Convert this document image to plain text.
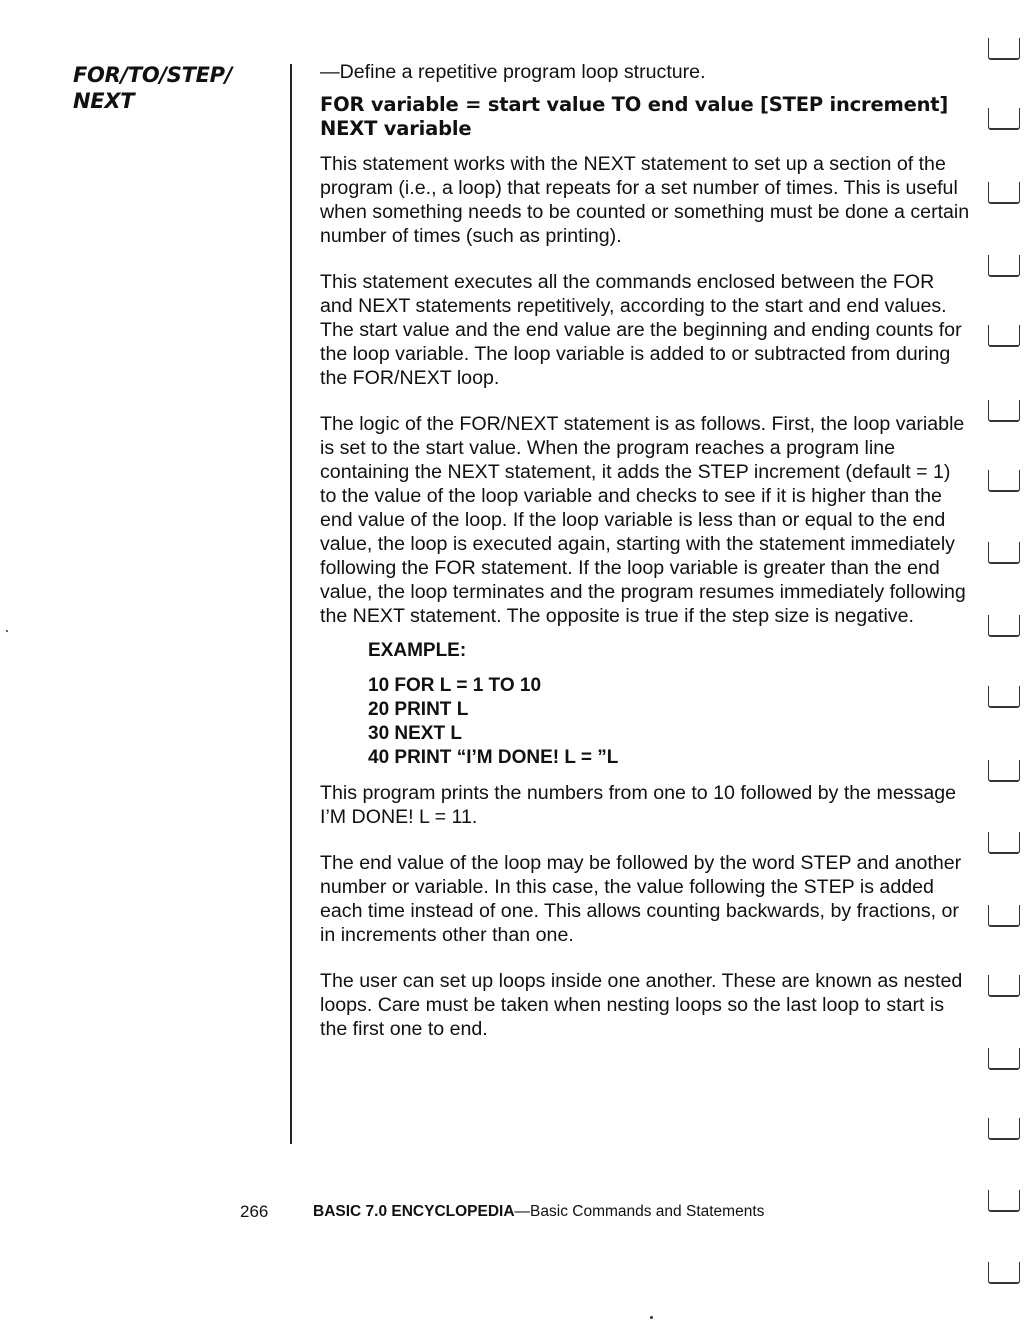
FOR/TO/STEP/
NEXT

—Define a repetitive program loop structure.

FOR variable = start value TO end value [STEP increment]
NEXT variable

This statement works with the NEXT statement to set up a section of the program (i.e., a loop) that repeats for a set number of times. This is useful when something needs to be counted or something must be done a certain number of times (such as printing).

This statement executes all the commands enclosed between the FOR and NEXT statements repetitively, according to the start and end values. The start value and the end value are the beginning and ending counts for the loop variable. The loop variable is added to or subtracted from during the FOR/NEXT loop.

The logic of the FOR/NEXT statement is as follows. First, the loop variable is set to the start value. When the program reaches a program line containing the NEXT statement, it adds the STEP increment (default = 1) to the value of the loop variable and checks to see if it is higher than the end value of the loop. If the loop variable is less than or equal to the end value, the loop is executed again, starting with the statement immediately following the FOR statement. If the loop variable is greater than the end value, the loop terminates and the program resumes immediately following the NEXT statement. The opposite is true if the step size is negative.

EXAMPLE:
10 FOR L = 1 TO 10
20 PRINT L
30 NEXT L
40 PRINT “I’M DONE! L = ”L

This program prints the numbers from one to 10 followed by the message I’M DONE! L = 11.

The end value of the loop may be followed by the word STEP and another number or variable. In this case, the value following the STEP is added each time instead of one. This allows counting backwards, by fractions, or in increments other than one.

The user can set up loops inside one another. These are known as nested loops. Care must be taken when nesting loops so the last loop to start is the first one to end.

266	BASIC 7.0 ENCYCLOPEDIA—Basic Commands and Statements
